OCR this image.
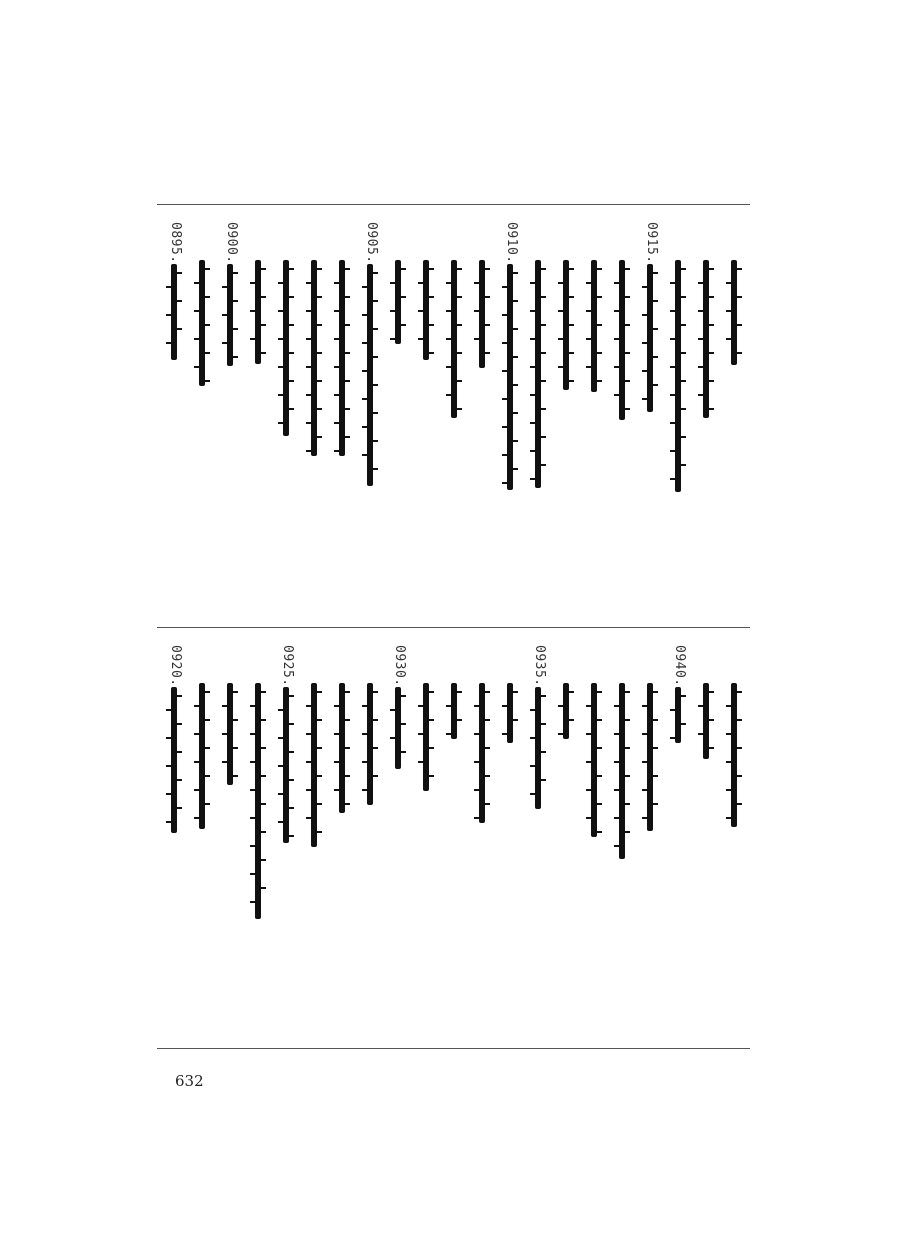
0915.
0910.
0905.
0900.
0895.
0940.
0935.
0930.
0925.
0920.
632
